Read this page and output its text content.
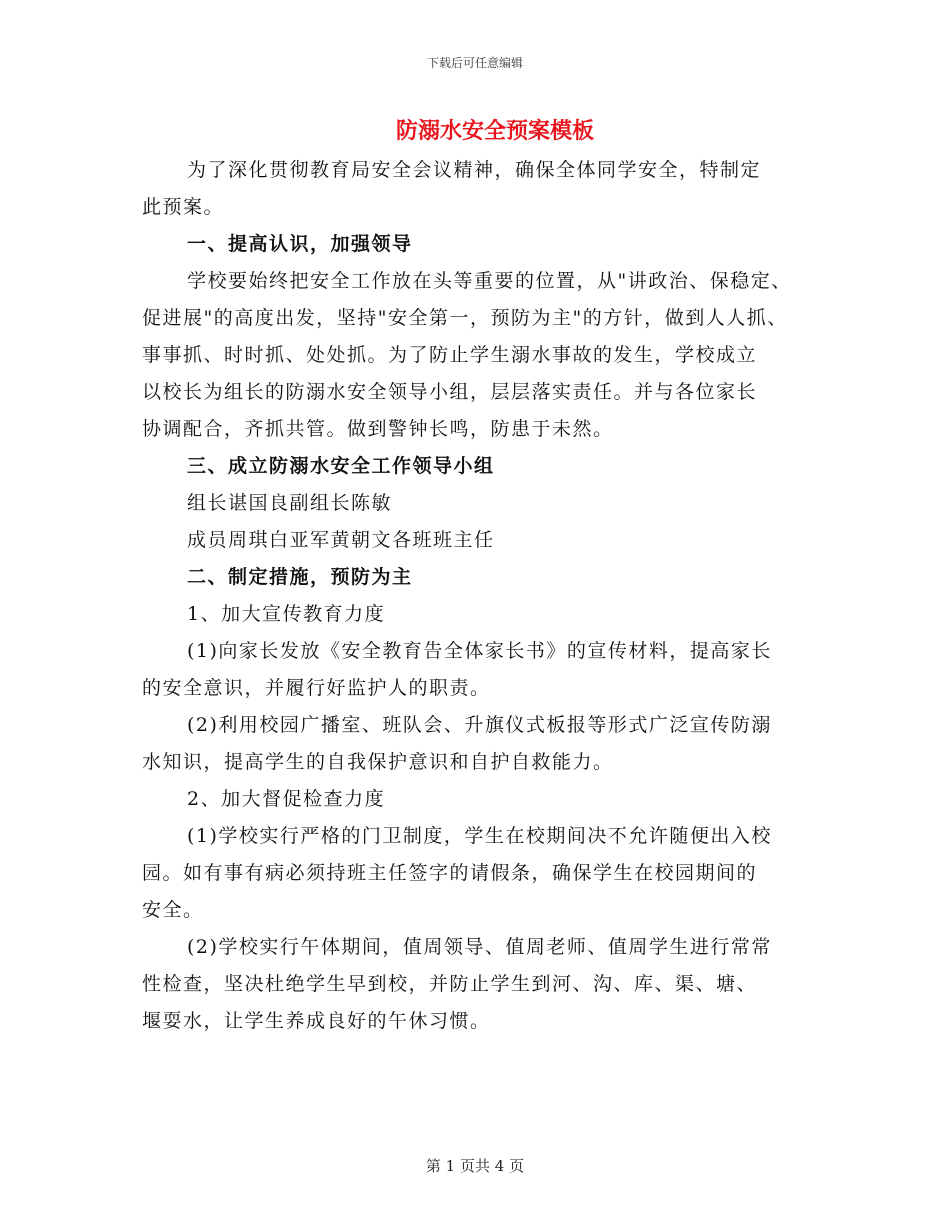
下载后可任意编辑
防溺水安全预案模板
为了深化贯彻教育局安全会议精神，确保全体同学安全，特制定
此预案。
一、提高认识，加强领导
学校要始终把安全工作放在头等重要的位置，从"讲政治、保稳定、
促进展"的高度出发，坚持"安全第一，预防为主"的方针，做到人人抓、
事事抓、时时抓、处处抓。为了防止学生溺水事故的发生，学校成立
以校长为组长的防溺水安全领导小组，层层落实责任。并与各位家长
协调配合，齐抓共管。做到警钟长鸣，防患于未然。
三、成立防溺水安全工作领导小组
组长谌国良副组长陈敏
成员周琪白亚军黄朝文各班班主任
二、制定措施，预防为主
1、加大宣传教育力度
(1)向家长发放《安全教育告全体家长书》的宣传材料，提高家长
的安全意识，并履行好监护人的职责。
(2)利用校园广播室、班队会、升旗仪式板报等形式广泛宣传防溺
水知识，提高学生的自我保护意识和自护自救能力。
2、加大督促检查力度
(1)学校实行严格的门卫制度，学生在校期间决不允许随便出入校
园。如有事有病必须持班主任签字的请假条，确保学生在校园期间的
安全。
(2)学校实行午体期间，值周领导、值周老师、值周学生进行常常
性检查，坚决杜绝学生早到校，并防止学生到河、沟、库、渠、塘、
堰耍水，让学生养成良好的午休习惯。
第 1 页共 4 页
